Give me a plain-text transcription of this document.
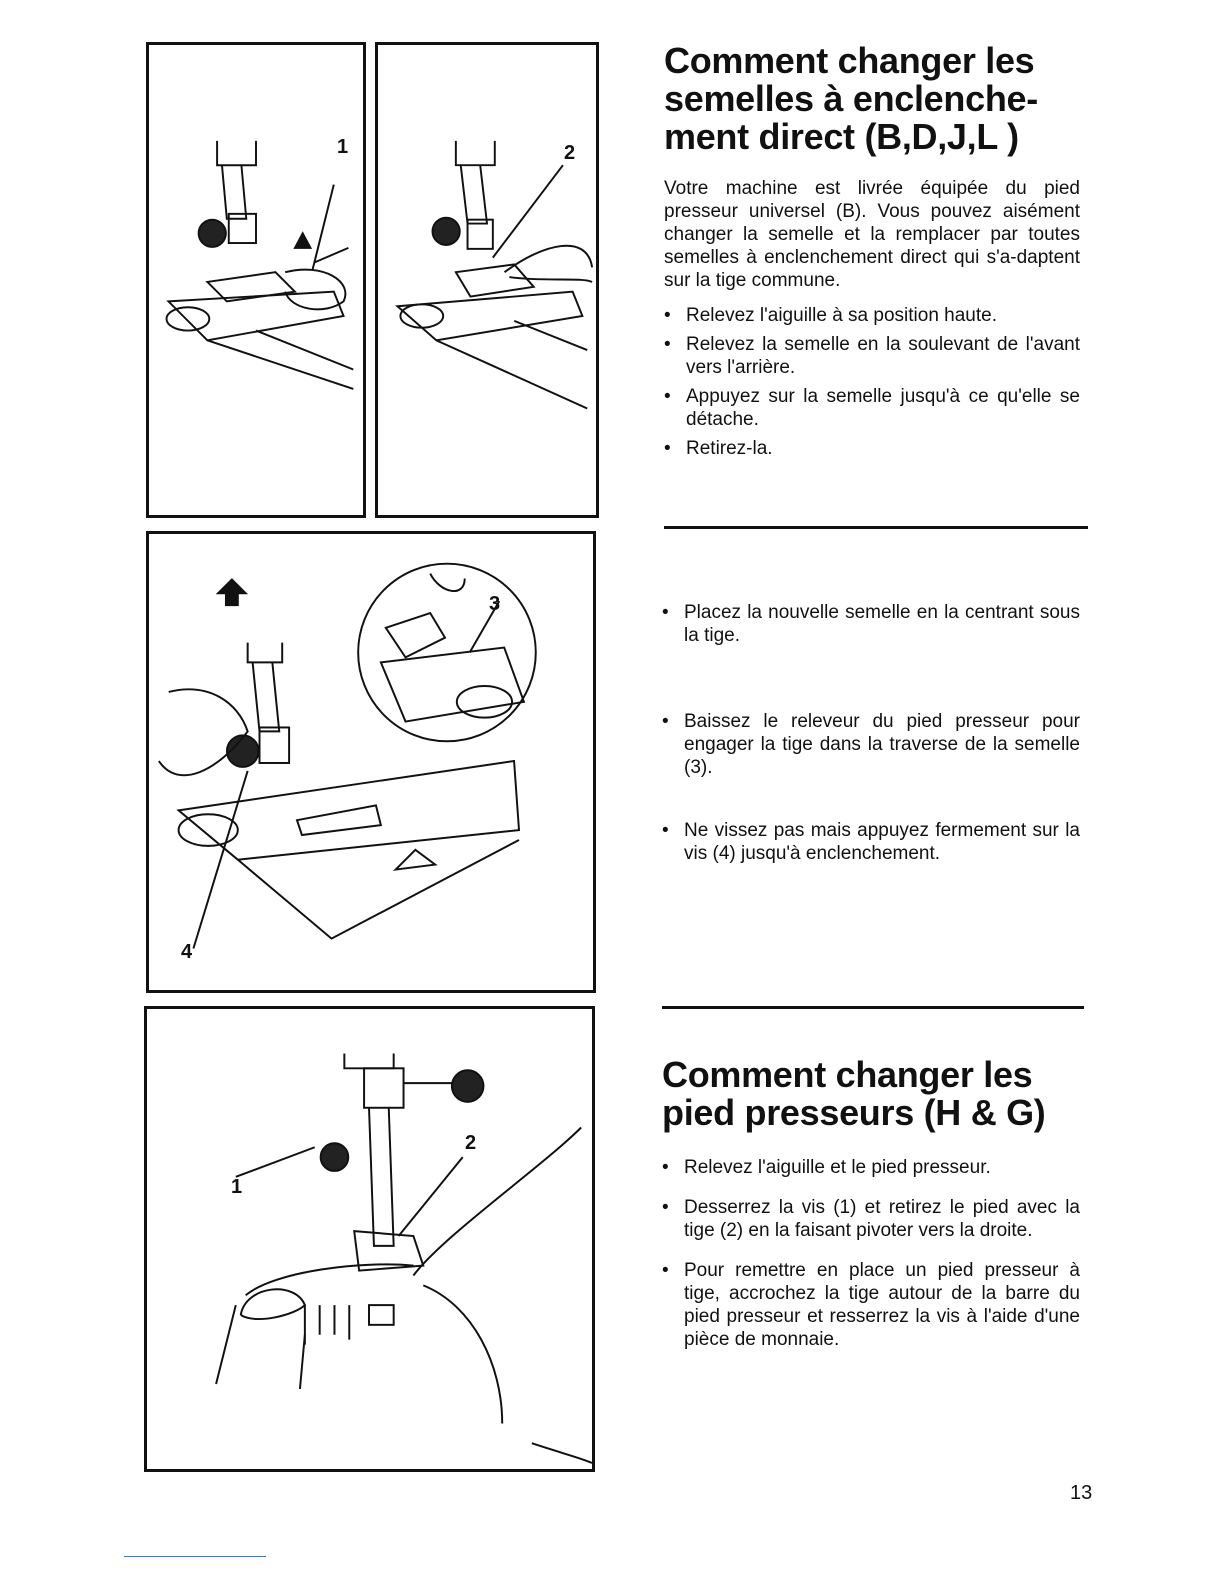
1	2
3
4
1
2
Comment changer les
semelles à enclenche-
ment direct (B,D,J,L )

Votre machine est livrée équipée du pied presseur universel (B). Vous pouvez aisément changer la semelle et la remplacer par toutes semelles à enclenchement direct qui s'a-daptent sur la tige commune.

• Relevez l'aiguille à sa position haute.
• Relevez la semelle en la soulevant de l'avant vers l'arrière.
• Appuyez sur la semelle jusqu'à ce qu'elle se détache.
• Retirez-la.
• Placez la nouvelle semelle en la centrant sous la tige.
• Baissez le releveur du pied presseur pour engager la tige dans la traverse de la semelle (3).
• Ne vissez pas mais appuyez fermement sur la vis (4) jusqu'à enclenchement.
Comment changer les
pied presseurs (H & G)
• Relevez l'aiguille et le pied presseur.
• Desserrez la vis (1) et retirez le pied avec la tige (2) en la faisant pivoter vers la droite.
• Pour remettre en place un pied presseur à tige, accrochez la tige autour de la barre du pied presseur et resserrez la vis à l'aide d'une pièce de monnaie.
13
